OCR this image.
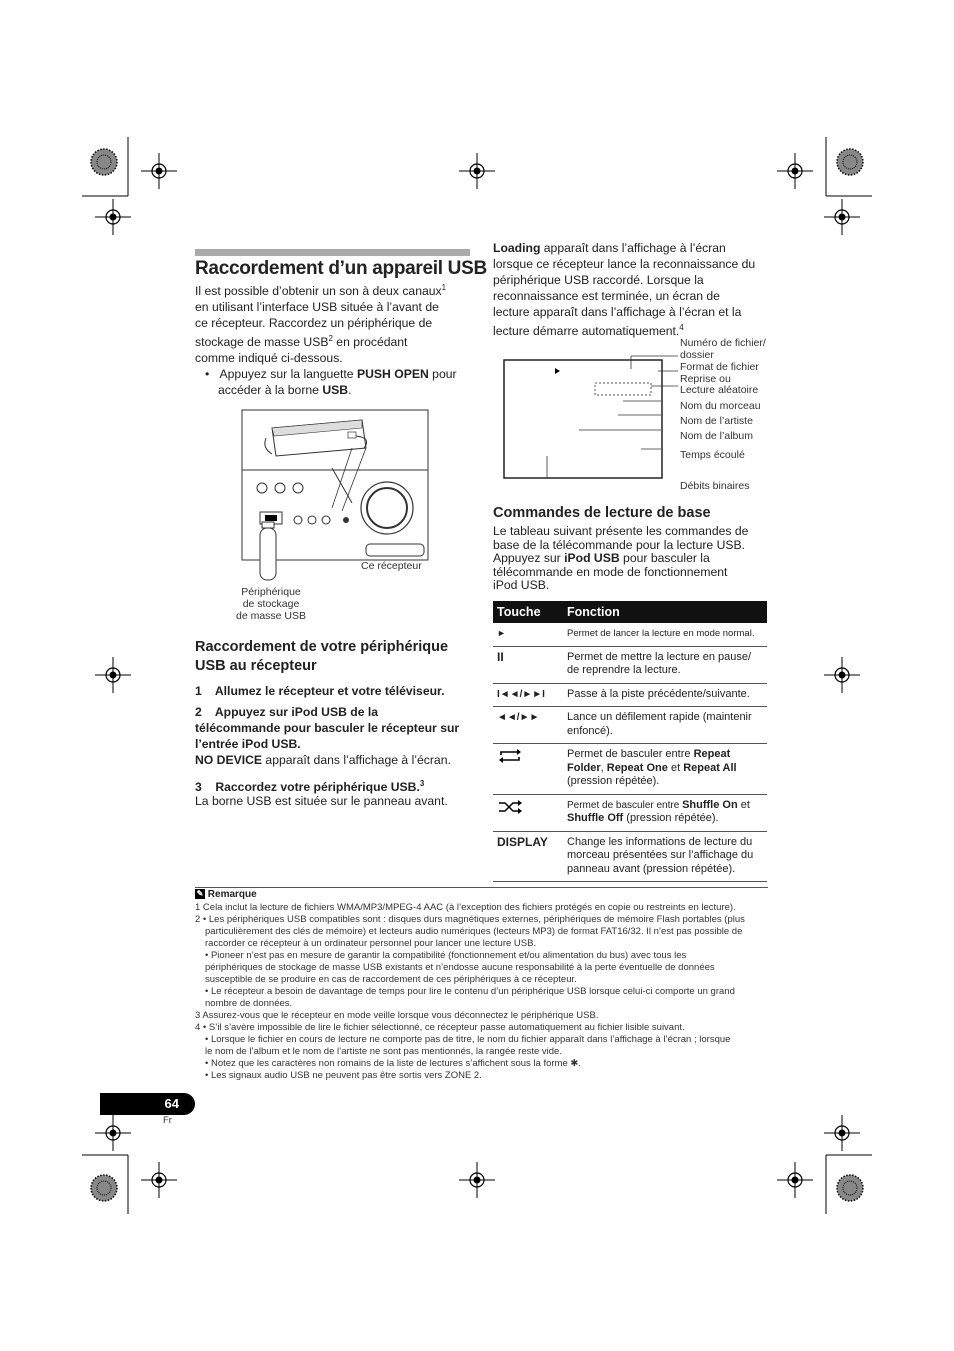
Raccordement d’un appareil USB
Il est possible d’obtenir un son à deux canaux$^1$
en utilisant l’interface USB située à l’avant de
ce récepteur. Raccordez un périphérique de
stockage de masse USB$^2$ en procédant
comme indiqué ci-dessous.
•   Appuyez sur la languette PUSH OPEN pour
accéder à la borne USB.
Ce récepteur
Périphérique
de stockage
de masse USB
Raccordement de votre périphérique
USB au récepteur
1    Allumez le récepteur et votre téléviseur.
2    Appuyez sur iPod USB de la
télécommande pour basculer le récepteur sur
l’entrée iPod USB.
NO DEVICE apparaît dans l’affichage à l’écran.
3    Raccordez votre périphérique USB.$^3$
La borne USB est située sur le panneau avant.
Loading apparaît dans l’affichage à l’écran
lorsque ce récepteur lance la reconnaissance du
périphérique USB raccordé. Lorsque la
reconnaissance est terminée, un écran de
lecture apparaît dans l’affichage à l’écran et la
lecture démarre automatiquement.$^4$
Numéro de fichier/
dossier
Format de fichier
Reprise ou
Lecture aléatoire
Nom du morceau
Nom de l’artiste
Nom de l’album
Temps écoulé
Débits binaires
Commandes de lecture de base
Le tableau suivant présente les commandes de
base de la télécommande pour la lecture USB.
Appuyez sur iPod USB pour basculer la
télécommande en mode de fonctionnement
iPod USB.
Touche	Fonction
►	Permet de lancer la lecture en mode normal.
II	Permet de mettre la lecture en pause/ de reprendre la lecture.
I◄◄/►►I	Passe à la piste précédente/suivante.
◄◄/►►	Lance un défilement rapide (maintenir enfoncé).
	Permet de basculer entre Repeat Folder, Repeat One et Repeat All (pression répétée).
	Permet de basculer entre Shuffle On et Shuffle Off (pression répétée).
DISPLAY	Change les informations de lecture du morceau présentées sur l’affichage du panneau avant (pression répétée).
✎ Remarque
1 Cela inclut la lecture de fichiers WMA/MP3/MPEG-4 AAC (à l’exception des fichiers protégés en copie ou restreints en lecture).
2 • Les périphériques USB compatibles sont : disques durs magnétiques externes, périphériques de mémoire Flash portables (plus
particulièrement des clés de mémoire) et lecteurs audio numériques (lecteurs MP3) de format FAT16/32. Il n’est pas possible de
raccorder ce récepteur à un ordinateur personnel pour lancer une lecture USB.
• Pioneer n’est pas en mesure de garantir la compatibilité (fonctionnement et/ou alimentation du bus) avec tous les
périphériques de stockage de masse USB existants et n’endosse aucune responsabilité à la perte éventuelle de données
susceptible de se produire en cas de raccordement de ces périphériques à ce récepteur.
• Le récepteur a besoin de davantage de temps pour lire le contenu d’un périphérique USB lorsque celui-ci comporte un grand
nombre de données.
3 Assurez-vous que le récepteur en mode veille lorsque vous déconnectez le périphérique USB.
4 • S’il s’avère impossible de lire le fichier sélectionné, ce récepteur passe automatiquement au fichier lisible suivant.
• Lorsque le fichier en cours de lecture ne comporte pas de titre, le nom du fichier apparaît dans l’affichage à l’écran ; lorsque
le nom de l’album et le nom de l’artiste ne sont pas mentionnés, la rangée reste vide.
• Notez que les caractères non romains de la liste de lectures s’affichent sous la forme ✱.
• Les signaux audio USB ne peuvent pas être sortis vers ZONE 2.
64
Fr
